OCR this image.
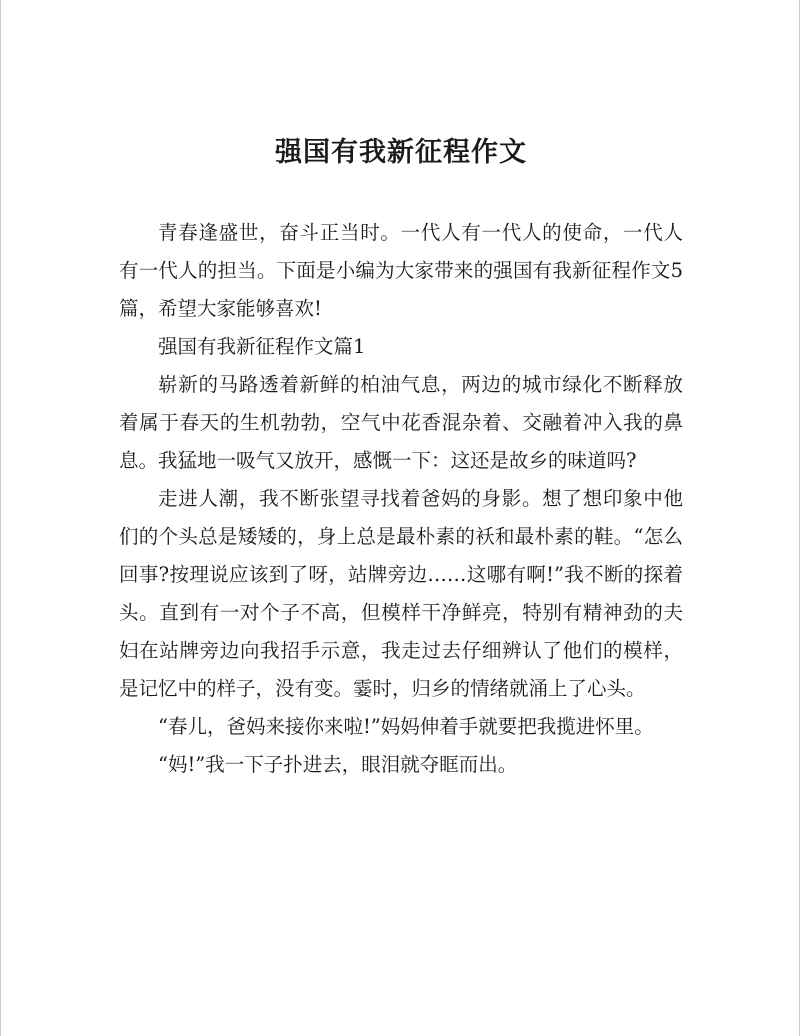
强国有我新征程作文

青春逢盛世，奋斗正当时。一代人有一代人的使命，一代人有一代人的担当。下面是小编为大家带来的强国有我新征程作文5篇，希望大家能够喜欢!

强国有我新征程作文篇1

崭新的马路透着新鲜的柏油气息，两边的城市绿化不断释放着属于春天的生机勃勃，空气中花香混杂着、交融着冲入我的鼻息。我猛地一吸气又放开，感慨一下：这还是故乡的味道吗?

走进人潮，我不断张望寻找着爸妈的身影。想了想印象中他们的个头总是矮矮的，身上总是最朴素的袄和最朴素的鞋。“怎么回事?按理说应该到了呀，站牌旁边……这哪有啊!”我不断的探着头。直到有一对个子不高，但模样干净鲜亮，特别有精神劲的夫妇在站牌旁边向我招手示意，我走过去仔细辨认了他们的模样，是记忆中的样子，没有变。霎时，归乡的情绪就涌上了心头。

“春儿，爸妈来接你来啦!”妈妈伸着手就要把我揽进怀里。

“妈!”我一下子扑进去，眼泪就夺眶而出。
